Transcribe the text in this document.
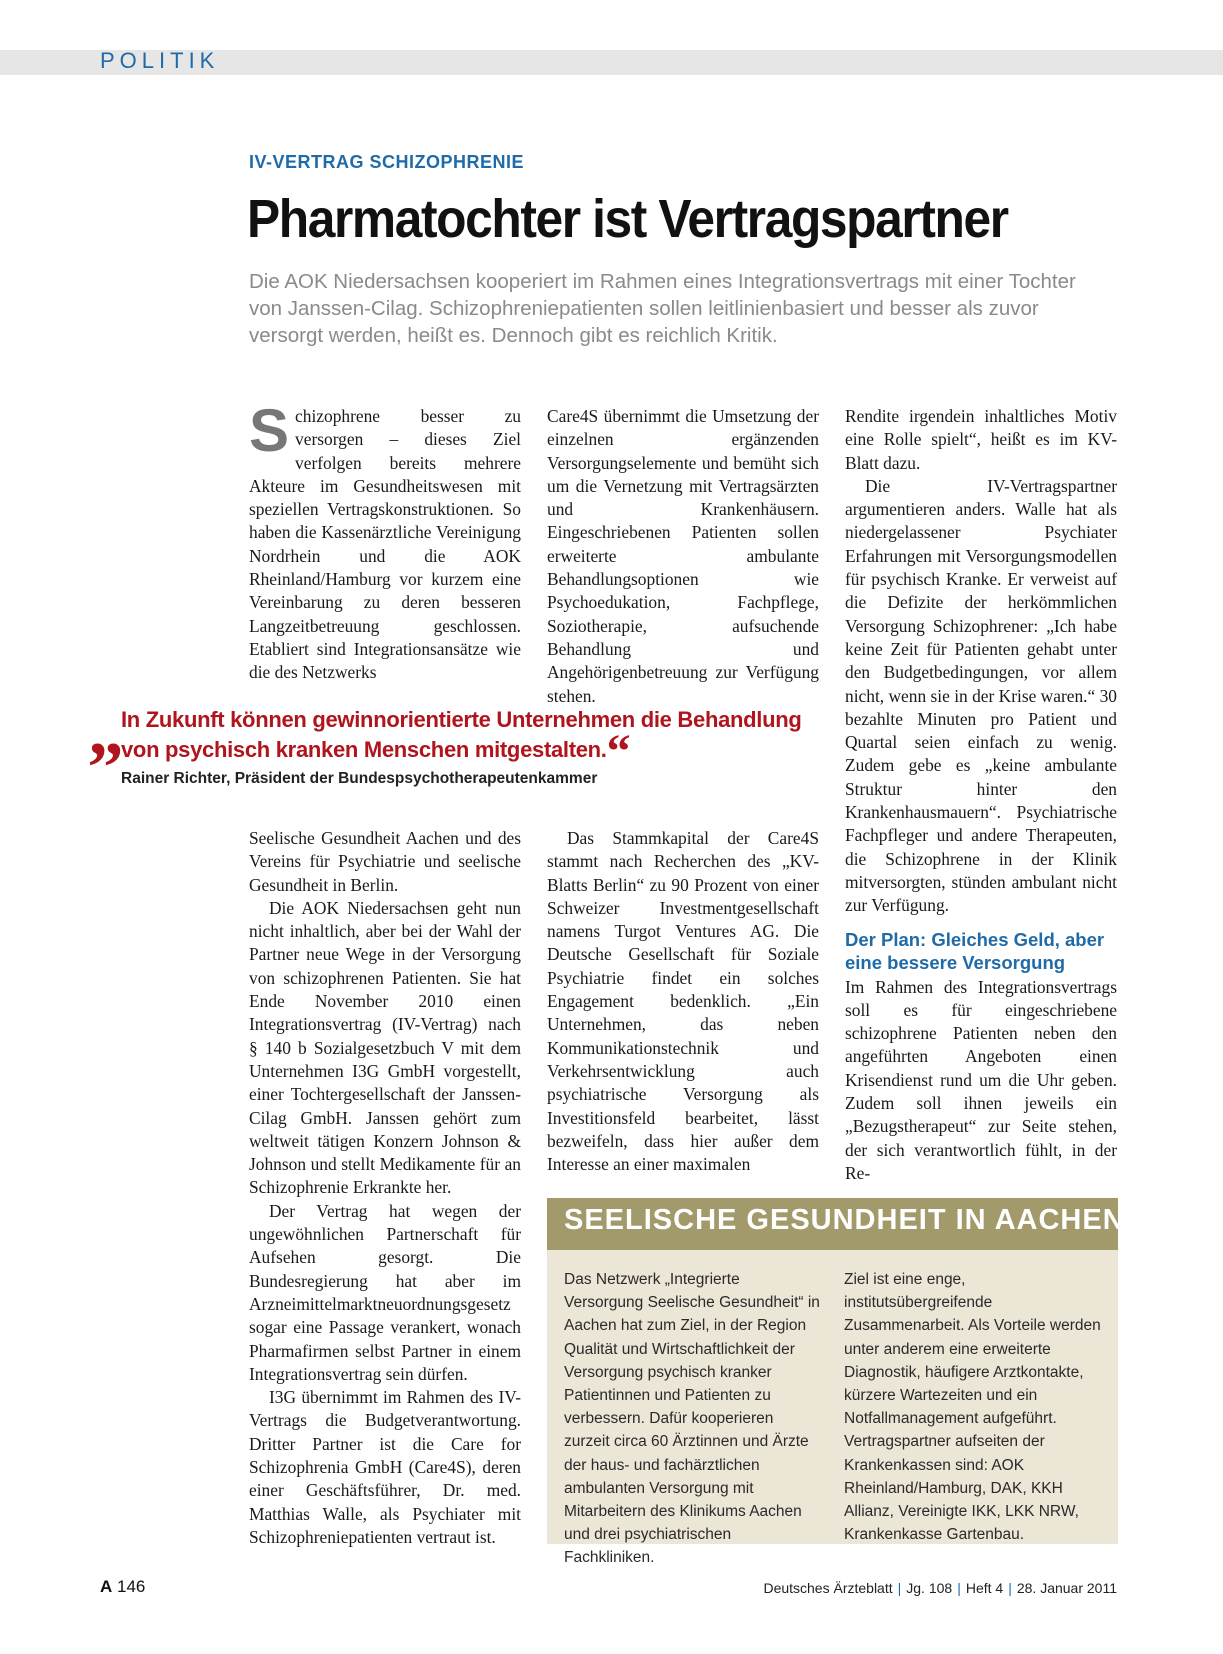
POLITIK
IV-VERTRAG SCHIZOPHRENIE
Pharmatochter ist Vertragspartner
Die AOK Niedersachsen kooperiert im Rahmen eines Integrationsvertrags mit einer Tochter von Janssen-Cilag. Schizophreniepatienten sollen leitlinienbasiert und besser als zuvor versorgt werden, heißt es. Dennoch gibt es reichlich Kritik.

Schizophrene besser zu versorgen – dieses Ziel verfolgen bereits mehrere Akteure im Gesundheitswesen mit speziellen Vertragskonstruktionen. So haben die Kassenärztliche Vereinigung Nordrhein und die AOK Rheinland/Hamburg vor kurzem eine Vereinbarung zu deren besseren Langzeitbetreuung geschlossen. Etabliert sind Integrationsansätze wie die des Netzwerks

Care4S übernimmt die Umsetzung der einzelnen ergänzenden Versorgungselemente und bemüht sich um die Vernetzung mit Vertragsärzten und Krankenhäusern. Eingeschriebenen Patienten sollen erweiterte ambulante Behandlungsoptionen wie Psychoedukation, Fachpflege, Soziotherapie, aufsuchende Behandlung und Angehörigenbetreuung zur Verfügung stehen.

„
In Zukunft können gewinnorientierte Unternehmen die Behandlung von psychisch kranken Menschen mitgestalten.“
Rainer Richter, Präsident der Bundespsychotherapeutenkammer

Seelische Gesundheit Aachen und des Vereins für Psychiatrie und seelische Gesundheit in Berlin.

Die AOK Niedersachsen geht nun nicht inhaltlich, aber bei der Wahl der Partner neue Wege in der Versorgung von schizophrenen Patienten. Sie hat Ende November 2010 einen Integrationsvertrag (IV-Vertrag) nach § 140 b Sozialgesetzbuch V mit dem Unternehmen I3G GmbH vorgestellt, einer Tochtergesellschaft der Janssen-Cilag GmbH. Janssen gehört zum weltweit tätigen Konzern Johnson & Johnson und stellt Medikamente für an Schizophrenie Erkrankte her.

Der Vertrag hat wegen der ungewöhnlichen Partnerschaft für Aufsehen gesorgt. Die Bundesregierung hat aber im Arzneimittelmarktneuordnungsgesetz sogar eine Passage verankert, wonach Pharmafirmen selbst Partner in einem Integrationsvertrag sein dürfen.

I3G übernimmt im Rahmen des IV-Vertrags die Budgetverantwortung. Dritter Partner ist die Care for Schizophrenia GmbH (Care4S), deren einer Geschäftsführer, Dr. med. Matthias Walle, als Psychiater mit Schizophreniepatienten vertraut ist.

Das Stammkapital der Care4S stammt nach Recherchen des „KV-Blatts Berlin“ zu 90 Prozent von einer Schweizer Investmentgesellschaft namens Turgot Ventures AG. Die Deutsche Gesellschaft für Soziale Psychiatrie findet ein solches Engagement bedenklich. „Ein Unternehmen, das neben Kommunikationstechnik und Verkehrsentwicklung auch psychiatrische Versorgung als Investitionsfeld bearbeitet, lässt bezweifeln, dass hier außer dem Interesse an einer maximalen

Rendite irgendein inhaltliches Motiv eine Rolle spielt“, heißt es im KV-Blatt dazu.

Die IV-Vertragspartner argumentieren anders. Walle hat als niedergelassener Psychiater Erfahrungen mit Versorgungsmodellen für psychisch Kranke. Er verweist auf die Defizite der herkömmlichen Versorgung Schizophrener: „Ich habe keine Zeit für Patienten gehabt unter den Budgetbedingungen, vor allem nicht, wenn sie in der Krise waren.“ 30 bezahlte Minuten pro Patient und Quartal seien einfach zu wenig. Zudem gebe es „keine ambulante Struktur hinter den Krankenhausmauern“. Psychiatrische Fachpfleger und andere Therapeuten, die Schizophrene in der Klinik mitversorgten, stünden ambulant nicht zur Verfügung.

Der Plan: Gleiches Geld, aber eine bessere Versorgung

Im Rahmen des Integrationsvertrags soll es für eingeschriebene schizophrene Patienten neben den angeführten Angeboten einen Krisendienst rund um die Uhr geben. Zudem soll ihnen jeweils ein „Bezugstherapeut“ zur Seite stehen, der sich verantwortlich fühlt, in der Re-

SEELISCHE GESUNDHEIT IN AACHEN
Das Netzwerk „Integrierte Versorgung Seelische Gesundheit“ in Aachen hat zum Ziel, in der Region Qualität und Wirtschaftlichkeit der Versorgung psychisch kranker Patientinnen und Patienten zu verbessern. Dafür kooperieren zurzeit circa 60 Ärztinnen und Ärzte der haus- und fachärztlichen ambulanten Versorgung mit Mitarbeitern des Klinikums Aachen und drei psychiatrischen Fachkliniken.
Ziel ist eine enge, institutsübergreifende Zusammenarbeit. Als Vorteile werden unter anderem eine erweiterte Diagnostik, häufigere Arztkontakte, kürzere Wartezeiten und ein Notfallmanagement aufgeführt. Vertragspartner aufseiten der Krankenkassen sind: AOK Rheinland/Hamburg, DAK, KKH Allianz, Vereinigte IKK, LKK NRW, Krankenkasse Gartenbau.
A 146	Deutsches Ärzteblatt | Jg. 108 | Heft 4 | 28. Januar 2011
